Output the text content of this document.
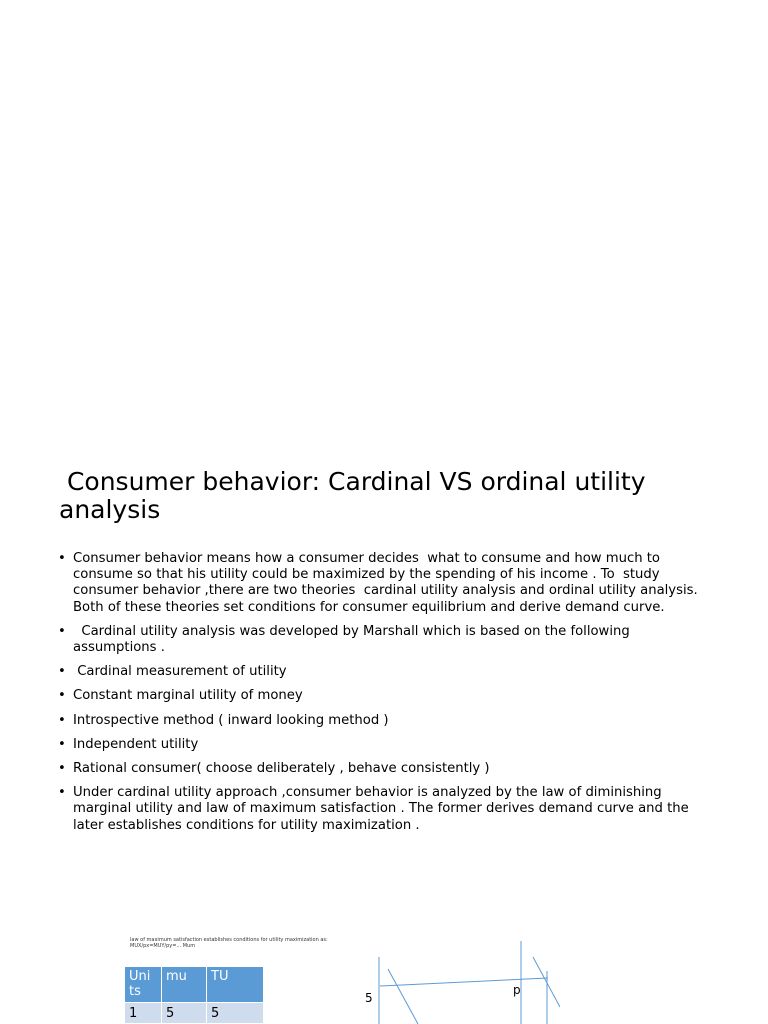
Consumer behavior: Cardinal VS ordinal utility analysis
• Consumer behavior means how a consumer decides  what to consume and how much to consume so that his utility could be maximized by the spending of his income . To  study consumer behavior ,there are two theories  cardinal utility analysis and ordinal utility analysis. Both of these theories set conditions for consumer equilibrium and derive demand curve.
•   Cardinal utility analysis was developed by Marshall which is based on the following assumptions .
•  Cardinal measurement of utility
• Constant marginal utility of money
• Introspective method ( inward looking method )
• Independent utility
• Rational consumer( choose deliberately , behave consistently )
• Under cardinal utility approach ,consumer behavior is analyzed by the law of diminishing marginal utility and law of maximum satisfaction . The former derives demand curve and the later establishes conditions for utility maximization .
law of maximum satisfaction establishes conditions for utility maximization as: MUX/px=MUY/py=... Mum
Uni ts	mu	TU
1	5	5
5
p
